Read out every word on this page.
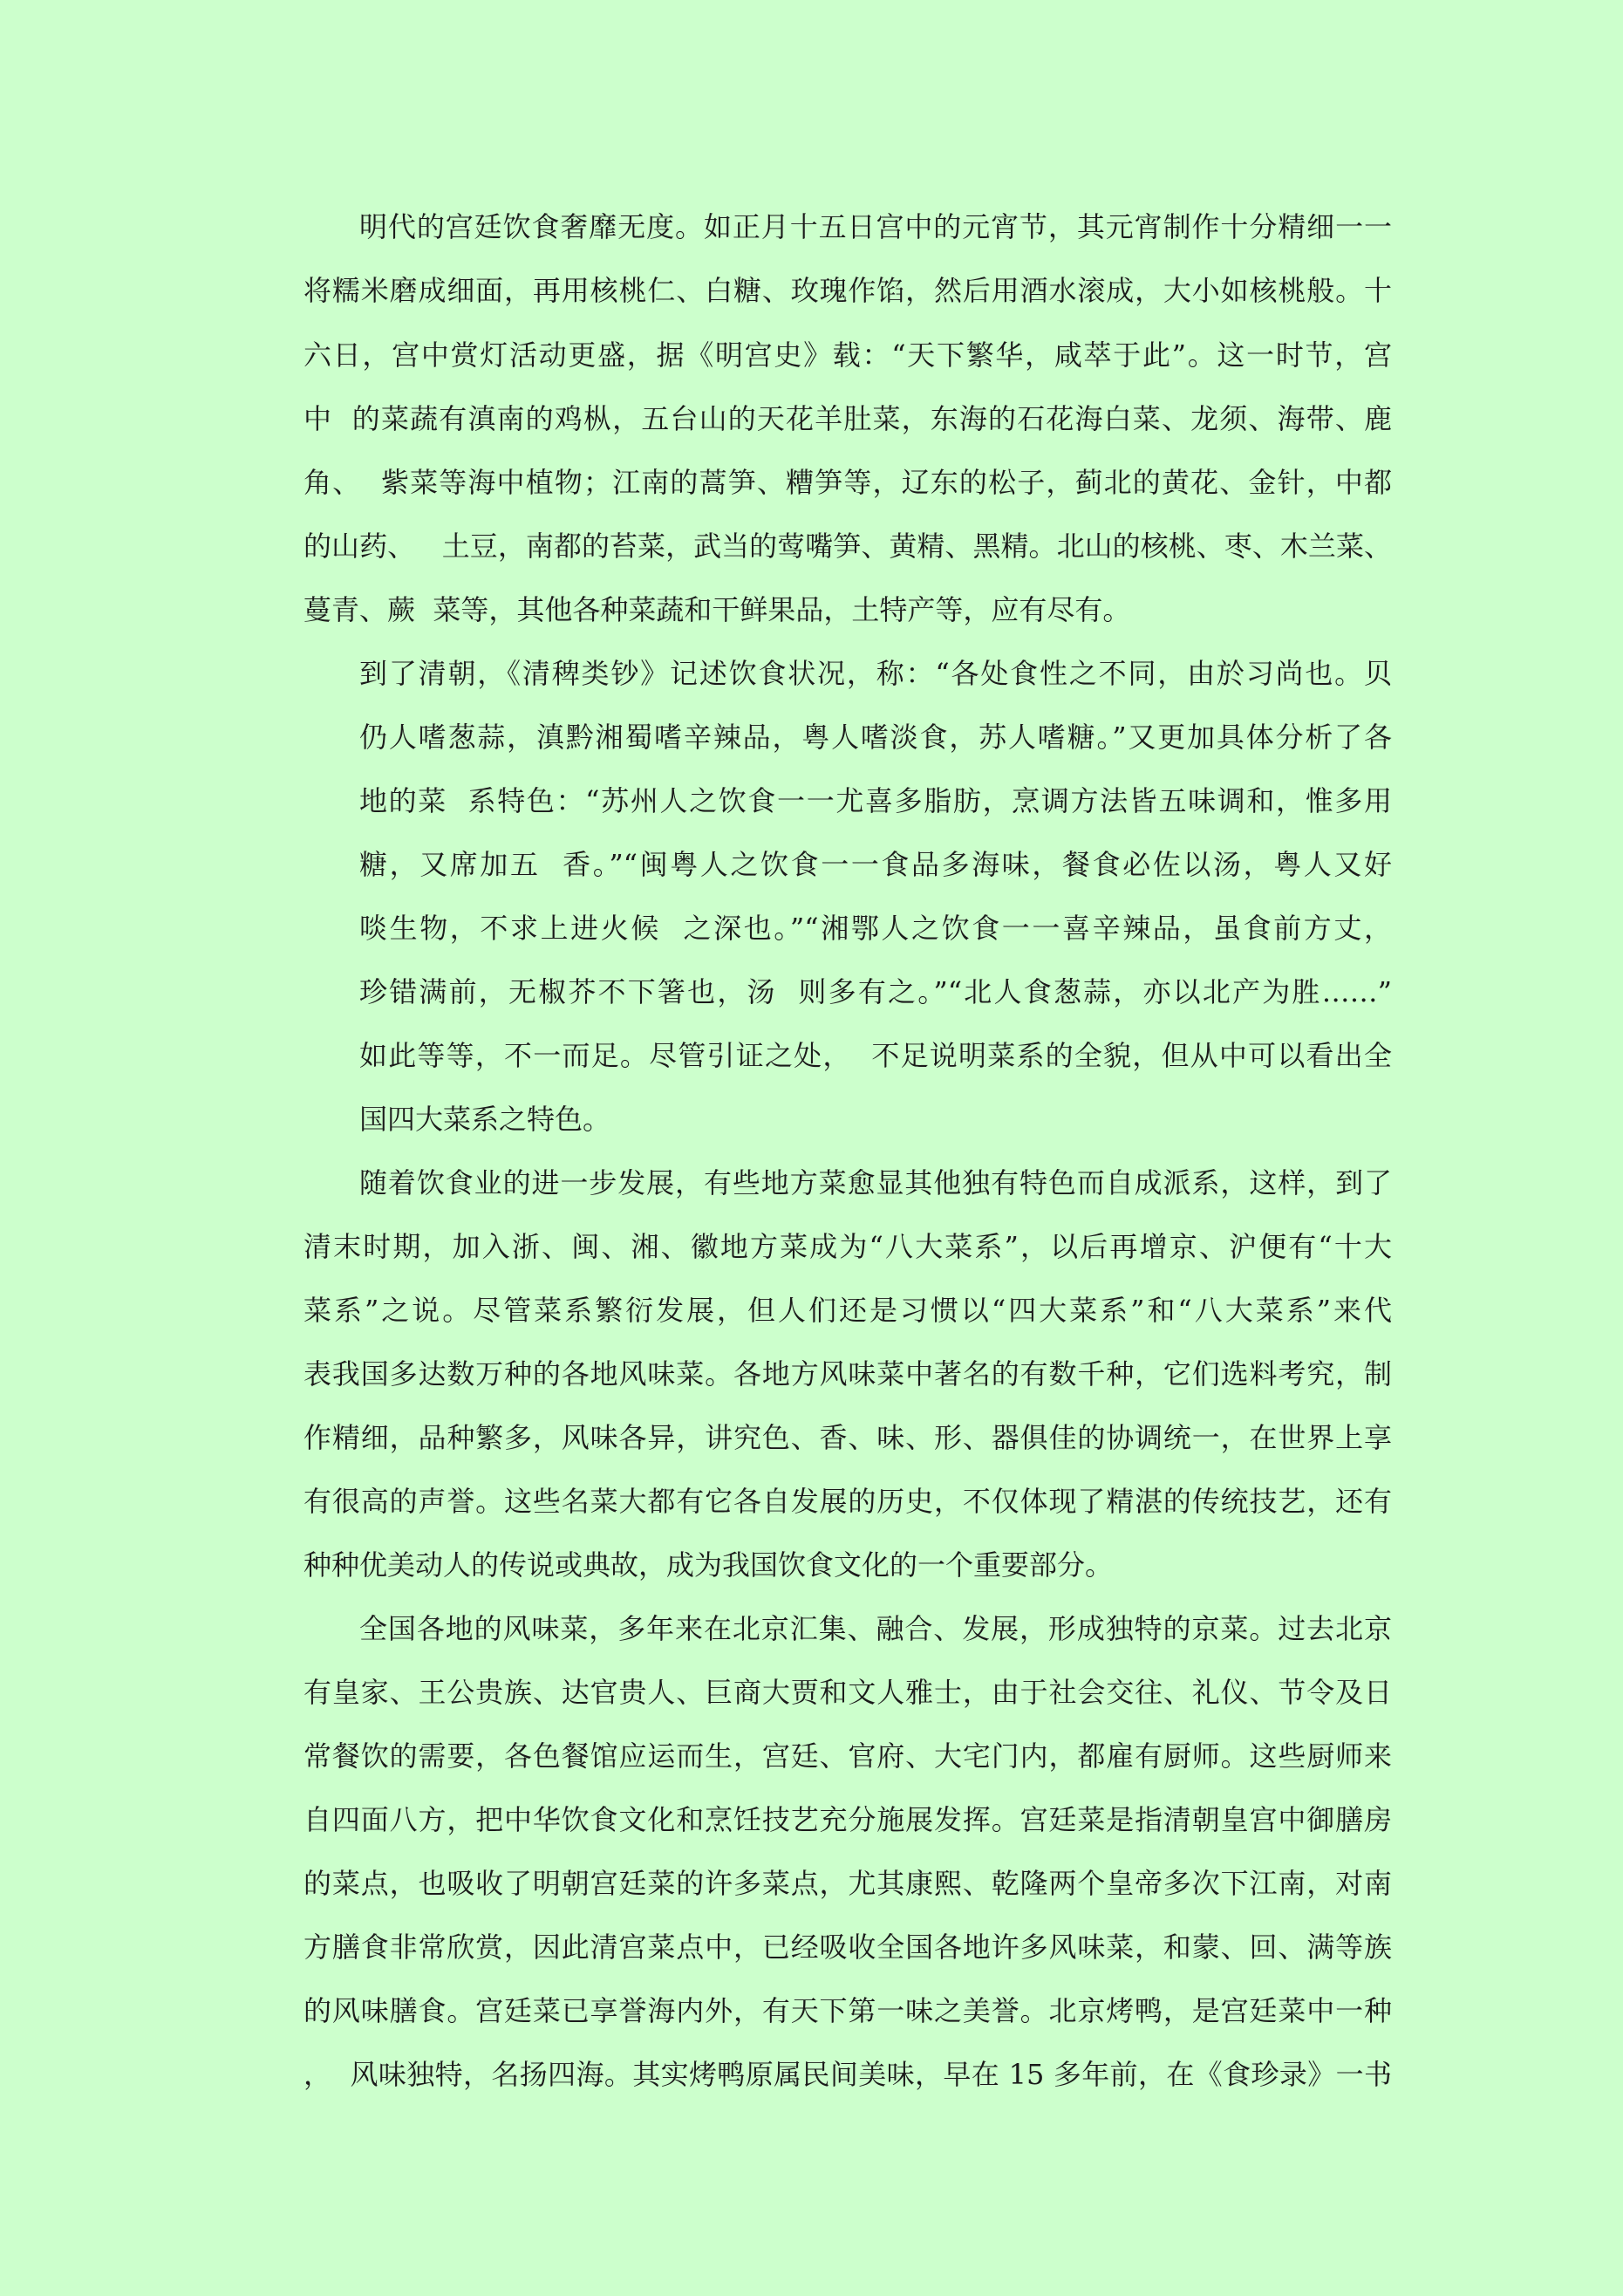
明代的宫廷饮食奢靡无度。如正月十五日宫中的元宵节，其元宵制作十分精细一一
将糯米磨成细面，再用核桃仁、白糖、玫瑰作馅，然后用酒水滚成，大小如核桃般。十
六日，宫中赏灯活动更盛，据《明宫史》载：“天下繁华，咸萃于此”。这一时节，宫
中  的菜蔬有滇南的鸡枞，五台山的天花羊肚菜，东海的石花海白菜、龙须、海带、鹿
角、  紫菜等海中植物；江南的蒿笋、糟笋等，辽东的松子，蓟北的黄花、金针，中都
的山药、   土豆，南都的苔菜，武当的莺嘴笋、黄精、黑精。北山的核桃、枣、木兰菜、
蔓青、蕨  菜等，其他各种菜蔬和干鲜果品，土特产等，应有尽有。
到了清朝，《清稗类钞》记述饮食状况，称：“各处食性之不同，由於习尚也。贝
仍人嗜葱蒜，滇黔湘蜀嗜辛辣品，粤人嗜淡食，苏人嗜糖。”又更加具体分析了各
地的菜  系特色：“苏州人之饮食一一尤喜多脂肪，烹调方法皆五味调和，惟多用
糖，又席加五  香。”“闽粤人之饮食一一食品多海味，餐食必佐以汤，粤人又好
啖生物，不求上进火候  之深也。”“湘鄂人之饮食一一喜辛辣品，虽食前方丈，
珍错满前，无椒芥不下箸也，汤  则多有之。”“北人食葱蒜，亦以北产为胜……”
如此等等，不一而足。尽管引证之处，  不足说明菜系的全貌，但从中可以看出全
国四大菜系之特色。
随着饮食业的进一步发展，有些地方菜愈显其他独有特色而自成派系，这样，到了
清末时期，加入浙、闽、湘、徽地方菜成为“八大菜系”，以后再增京、沪便有“十大
菜系”之说。尽管菜系繁衍发展，但人们还是习惯以“四大菜系”和“八大菜系”来代
表我国多达数万种的各地风味菜。各地方风味菜中著名的有数千种，它们选料考究，制
作精细，品种繁多，风味各异，讲究色、香、味、形、器俱佳的协调统一，在世界上享
有很高的声誉。这些名菜大都有它各自发展的历史，不仅体现了精湛的传统技艺，还有
种种优美动人的传说或典故，成为我国饮食文化的一个重要部分。
全国各地的风味菜，多年来在北京汇集、融合、发展，形成独特的京菜。过去北京
有皇家、王公贵族、达官贵人、巨商大贾和文人雅士，由于社会交往、礼仪、节令及日
常餐饮的需要，各色餐馆应运而生，宫廷、官府、大宅门内，都雇有厨师。这些厨师来
自四面八方，把中华饮食文化和烹饪技艺充分施展发挥。宫廷菜是指清朝皇宫中御膳房
的菜点，也吸收了明朝宫廷菜的许多菜点，尤其康熙、乾隆两个皇帝多次下江南，对南
方膳食非常欣赏，因此清宫菜点中，已经吸收全国各地许多风味菜，和蒙、回、满等族
的风味膳食。宫廷菜已享誉海内外，有天下第一味之美誉。北京烤鸭，是宫廷菜中一种
，  风味独特，名扬四海。其实烤鸭原属民间美味，早在 15 多年前，在《食珍录》一书
